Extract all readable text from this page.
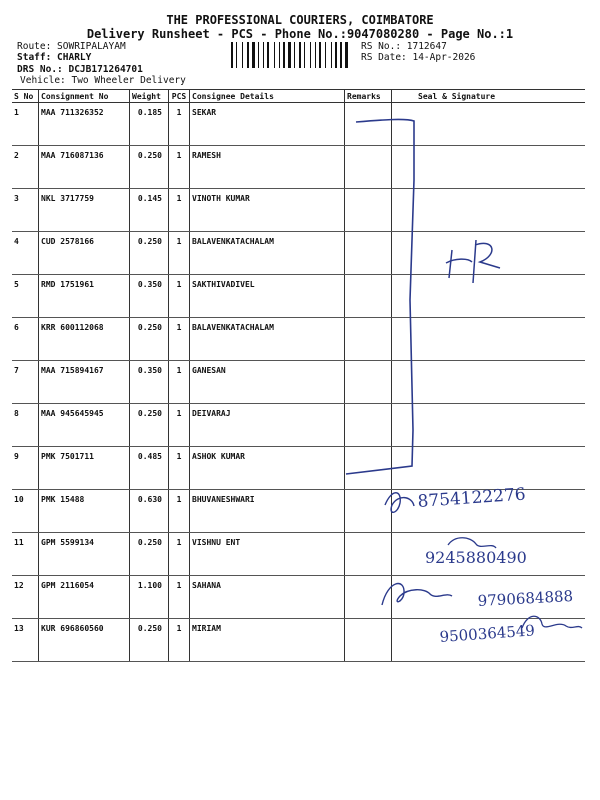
THE PROFESSIONAL COURIERS, COIMBATORE
Delivery Runsheet - PCS - Phone No.:9047080280 - Page No.:1
Route: SOWRIPALAYAM
Staff: CHARLY
DRS No.: DCJB171264701
Vehicle: Two Wheeler Delivery
RS No.: 1712647
RS Date: 14-Apr-2026
S No	Consignment No	Weight	PCS	Consignee Details	Remarks	Seal & Signature
1	MAA 711326352	0.185	1	SEKAR		
2	MAA 716087136	0.250	1	RAMESH		
3	NKL 3717759	0.145	1	VINOTH KUMAR		
4	CUD 2578166	0.250	1	BALAVENKATACHALAM		
5	RMD 1751961	0.350	1	SAKTHIVADIVEL		
6	KRR 600112068	0.250	1	BALAVENKATACHALAM		
7	MAA 715894167	0.350	1	GANESAN		
8	MAA 945645945	0.250	1	DEIVARAJ		
9	PMK 7501711	0.485	1	ASHOK KUMAR		
10	PMK 15488	0.630	1	BHUVANESHWARI		
11	GPM 5599134	0.250	1	VISHNU ENT		
12	GPM 2116054	1.100	1	SAHANA		
13	KUR 696860560	0.250	1	MIRIAM		
8754122276
9245880490
9790684888
9500364549
